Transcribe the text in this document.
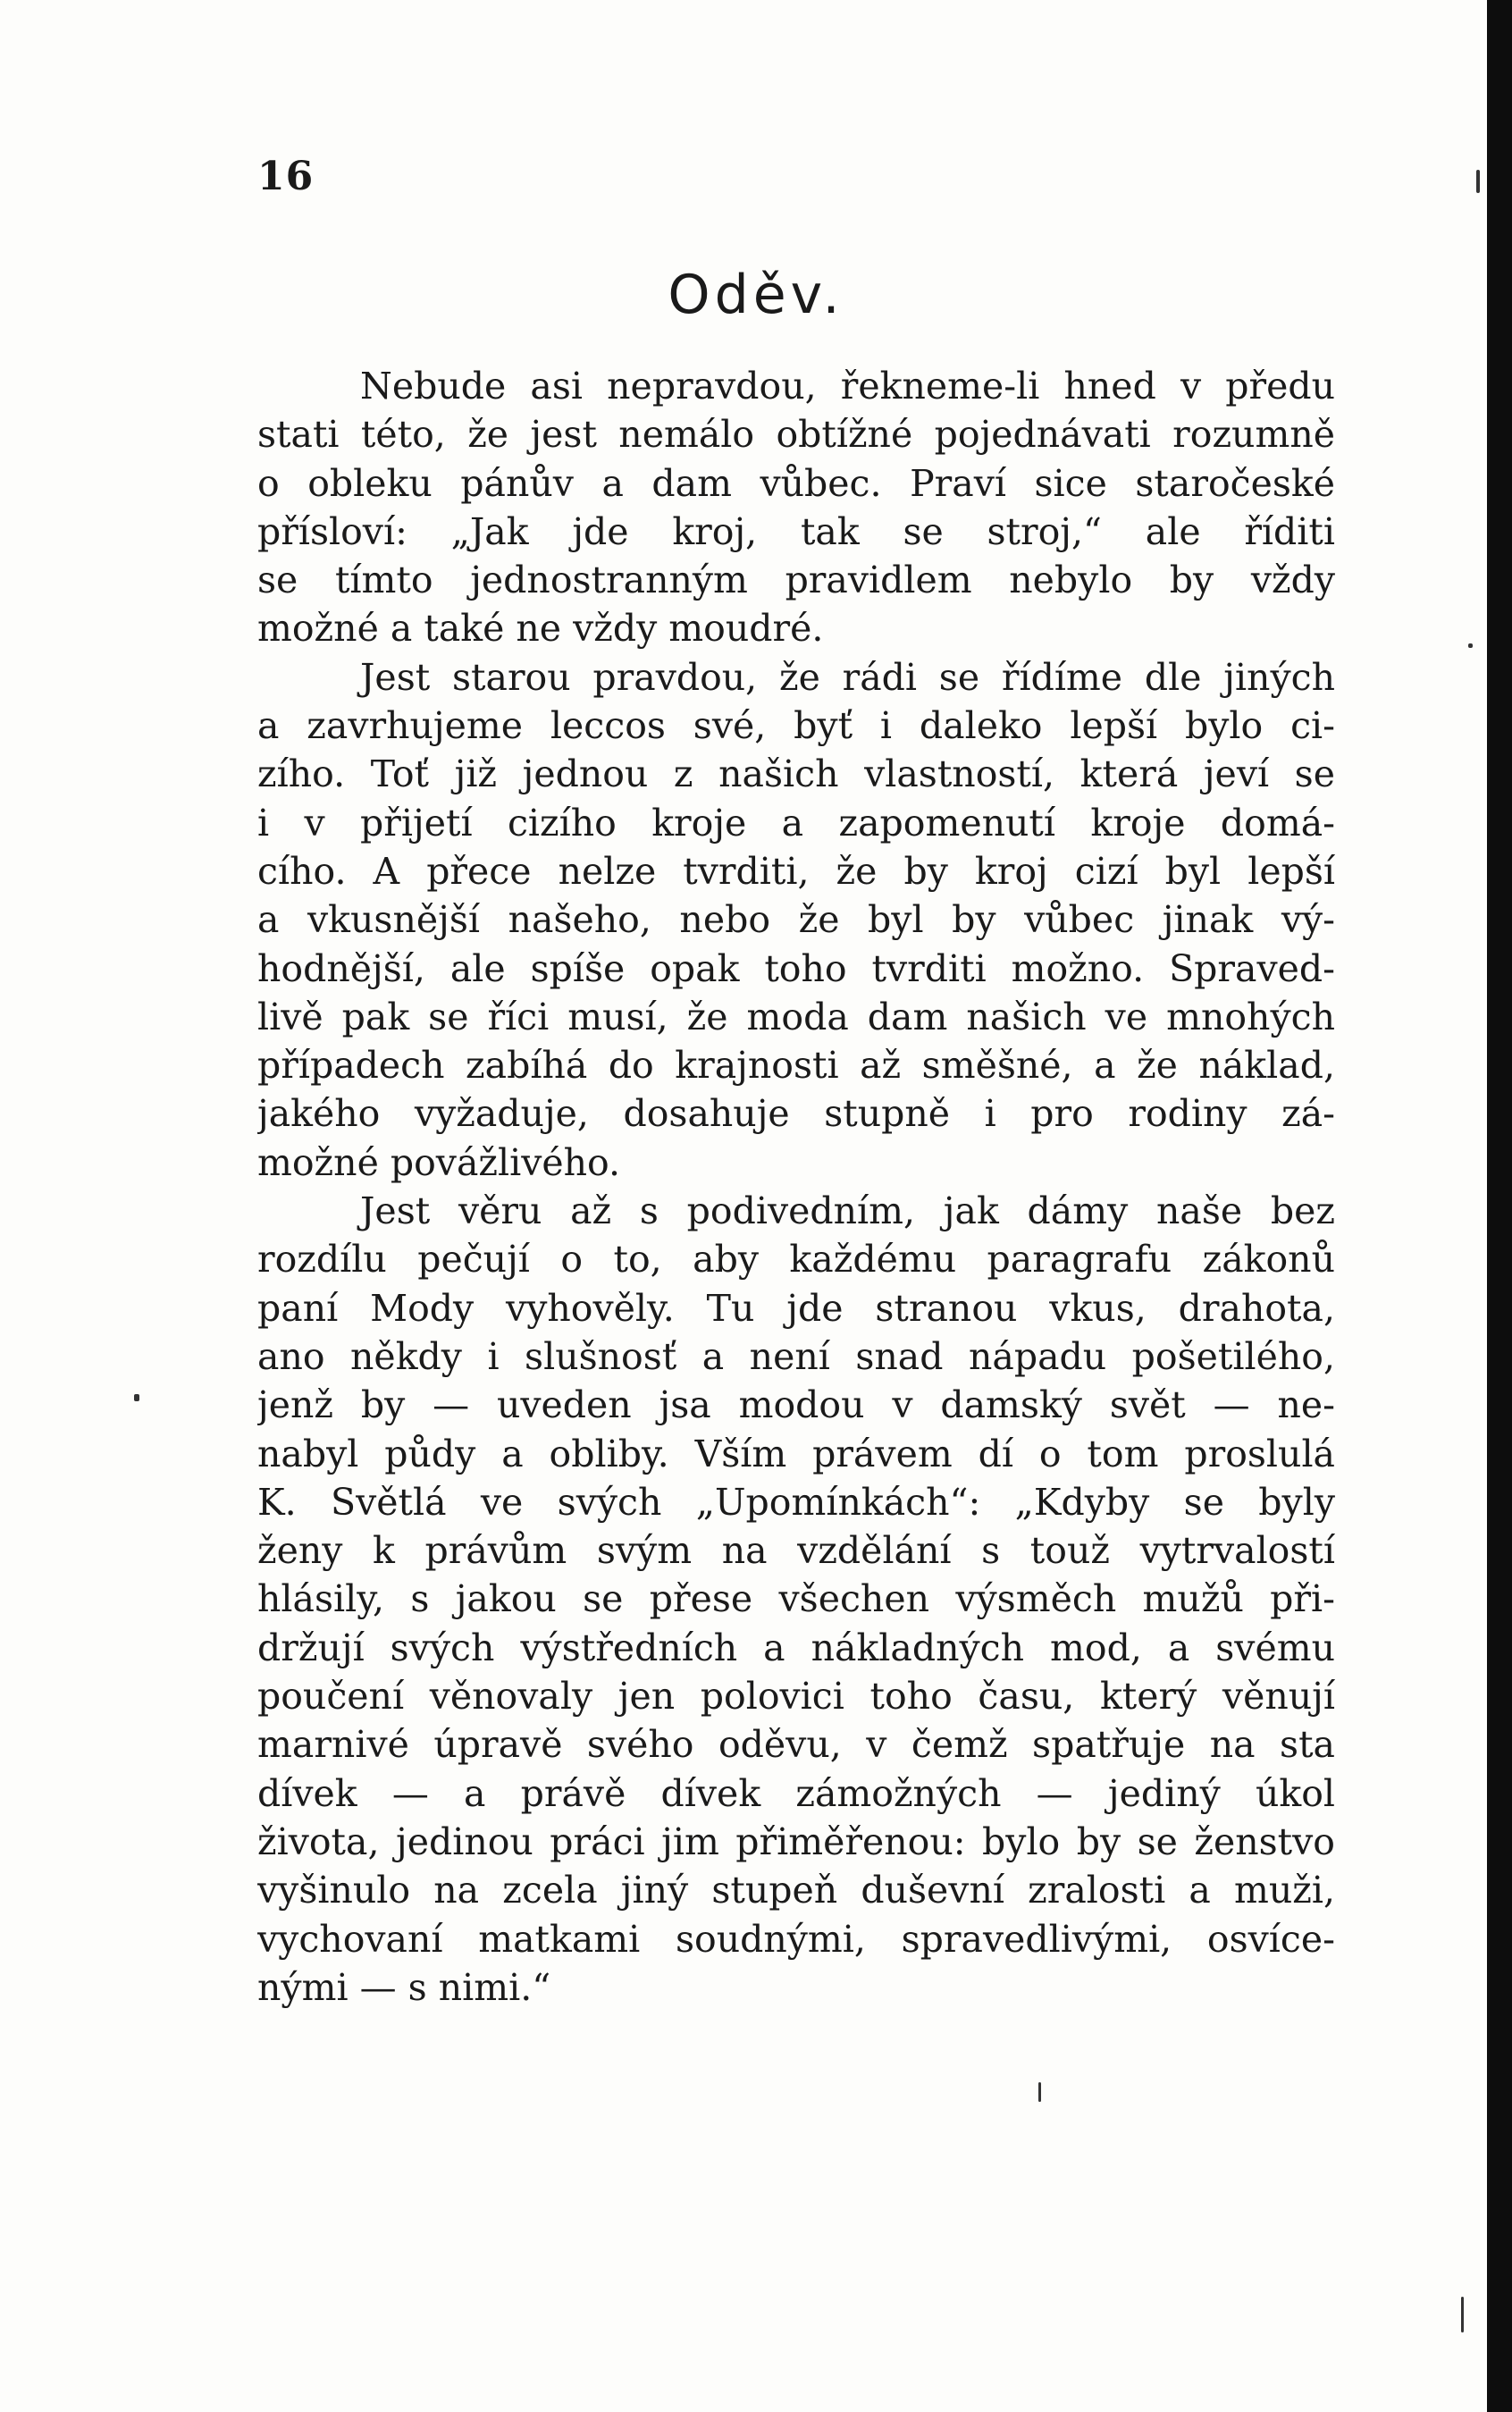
16
Oděv.
Nebude asi nepravdou, řekneme-li hned v předu
stati této, že jest nemálo obtížné pojednávati rozumně
o obleku pánův a dam vůbec. Praví sice staročeské
přísloví: „Jak jde kroj, tak se stroj,“ ale říditi
se tímto jednostranným pravidlem nebylo by vždy
možné a také ne vždy moudré.
Jest starou pravdou, že rádi se řídíme dle jiných
a zavrhujeme leccos své, byť i daleko lepší bylo ci-
zího. Toť již jednou z našich vlastností, která jeví se
i v přijetí cizího kroje a zapomenutí kroje domá-
cího. A přece nelze tvrditi, že by kroj cizí byl lepší
a vkusnější našeho, nebo že byl by vůbec jinak vý-
hodnější, ale spíše opak toho tvrditi možno. Spraved-
livě pak se říci musí, že moda dam našich ve mnohých
případech zabíhá do krajnosti až směšné, a že náklad,
jakého vyžaduje, dosahuje stupně i pro rodiny zá-
možné povážlivého.
Jest věru až s podivedním, jak dámy naše bez
rozdílu pečují o to, aby každému paragrafu zákonů
paní Mody vyhověly. Tu jde stranou vkus, drahota,
ano někdy i slušnosť a není snad nápadu pošetilého,
jenž by — uveden jsa modou v damský svět — ne-
nabyl půdy a obliby. Vším právem dí o tom proslulá
K. Světlá ve svých „Upomínkách“: „Kdyby se byly
ženy k právům svým na vzdělání s touž vytrvalostí
hlásily, s jakou se přese všechen výsměch mužů při-
držují svých výstředních a nákladných mod, a svému
poučení věnovaly jen polovici toho času, který věnují
marnivé úpravě svého oděvu, v čemž spatřuje na sta
dívek — a právě dívek zámožných — jediný úkol
života, jedinou práci jim přiměřenou: bylo by se ženstvo
vyšinulo na zcela jiný stupeň duševní zralosti a muži,
vychovaní matkami soudnými, spravedlivými, osvíce-
nými — s nimi.“
